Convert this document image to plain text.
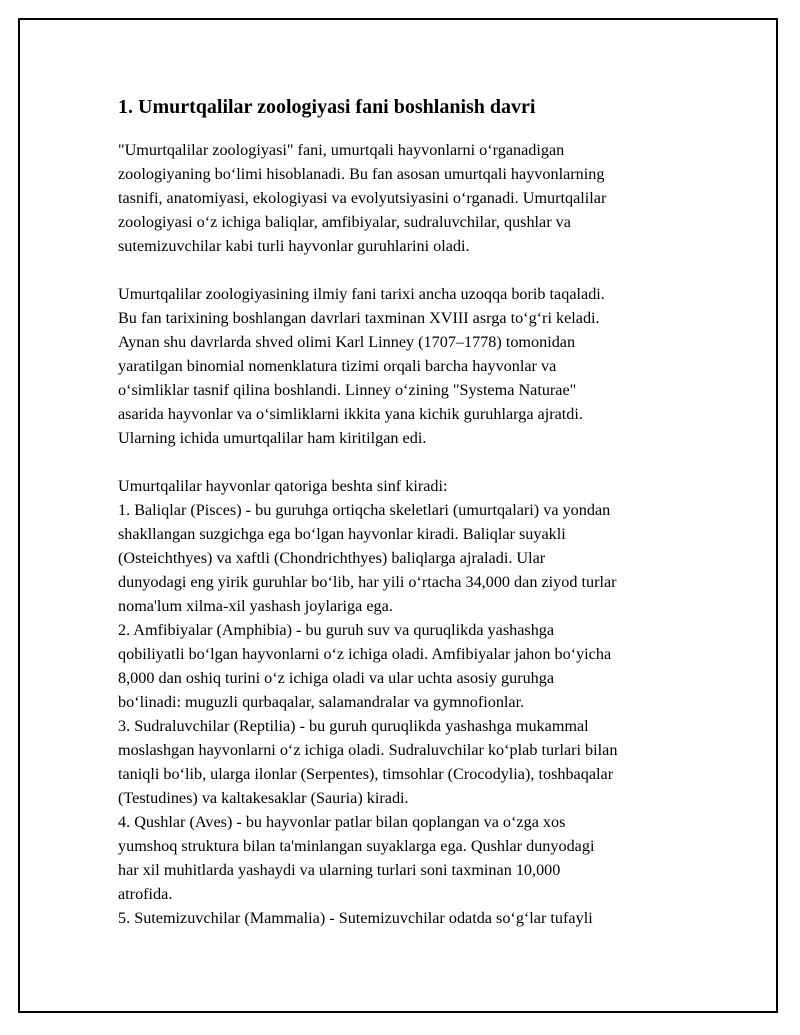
1. Umurtqalilar zoologiyasi fani boshlanish davri

"Umurtqalilar zoologiyasi" fani, umurtqali hayvonlarni oʻrganadigan
zoologiyaning boʻlimi hisoblanadi. Bu fan asosan umurtqali hayvonlarning
tasnifi, anatomiyasi, ekologiyasi va evolyutsiyasini oʻrganadi. Umurtqalilar
zoologiyasi oʻz ichiga baliqlar, amfibiyalar, sudraluvchilar, qushlar va
sutemizuvchilar kabi turli hayvonlar guruhlarini oladi.

Umurtqalilar zoologiyasining ilmiy fani tarixi ancha uzoqqa borib taqaladi.
Bu fan tarixining boshlangan davrlari taxminan XVIII asrga toʻgʻri keladi.
Aynan shu davrlarda shved olimi Karl Linney (1707–1778) tomonidan
yaratilgan binomial nomenklatura tizimi orqali barcha hayvonlar va
oʻsimliklar tasnif qilina boshlandi. Linney oʻzining "Systema Naturae"
asarida hayvonlar va oʻsimliklarni ikkita yana kichik guruhlarga ajratdi.
Ularning ichida umurtqalilar ham kiritilgan edi.

Umurtqalilar hayvonlar qatoriga beshta sinf kiradi:
1. Baliqlar (Pisces) - bu guruhga ortiqcha skeletlari (umurtqalari) va yondan
shakllangan suzgichga ega boʻlgan hayvonlar kiradi. Baliqlar suyakli
(Osteichthyes) va xaftli (Chondrichthyes) baliqlarga ajraladi. Ular
dunyodagi eng yirik guruhlar boʻlib, har yili oʻrtacha 34,000 dan ziyod turlar
noma'lum xilma-xil yashash joylariga ega.
2. Amfibiyalar (Amphibia) - bu guruh suv va quruqlikda yashashga
qobiliyatli boʻlgan hayvonlarni oʻz ichiga oladi. Amfibiyalar jahon boʻyicha
8,000 dan oshiq turini oʻz ichiga oladi va ular uchta asosiy guruhga
boʻlinadi: muguzli qurbaqalar, salamandralar va gymnofionlar.
3. Sudraluvchilar (Reptilia) - bu guruh quruqlikda yashashga mukammal
moslashgan hayvonlarni oʻz ichiga oladi. Sudraluvchilar koʻplab turlari bilan
taniqli boʻlib, ularga ilonlar (Serpentes), timsohlar (Crocodylia), toshbaqalar
(Testudines) va kaltakesaklar (Sauria) kiradi.
4. Qushlar (Aves) - bu hayvonlar patlar bilan qoplangan va oʻzga xos
yumshoq struktura bilan ta'minlangan suyaklarga ega. Qushlar dunyodagi
har xil muhitlarda yashaydi va ularning turlari soni taxminan 10,000
atrofida.
5. Sutemizuvchilar (Mammalia) - Sutemizuvchilar odatda soʻgʻlar tufayli
